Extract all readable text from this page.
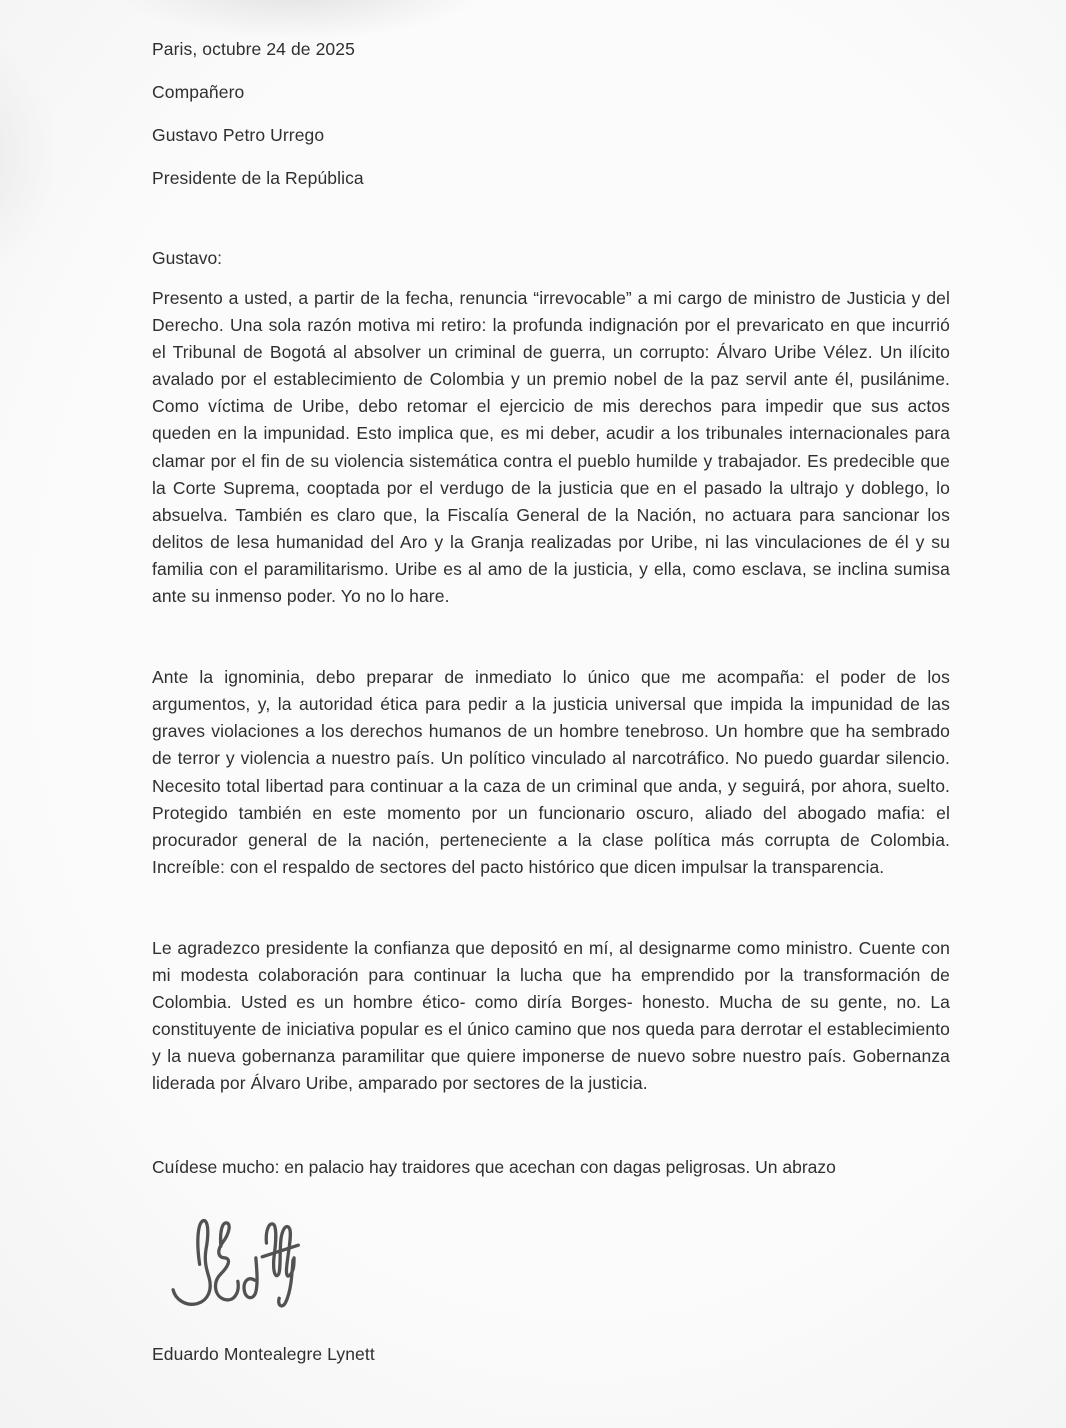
Paris, octubre 24 de 2025
Compañero
Gustavo Petro Urrego
Presidente de la República
Gustavo:

Presento a usted, a partir de la fecha, renuncia “irrevocable” a mi cargo de ministro de Justicia y del Derecho. Una sola razón motiva mi retiro: la profunda indignación por el prevaricato en que incurrió el Tribunal de Bogotá al absolver un criminal de guerra, un corrupto: Álvaro Uribe Vélez. Un ilícito avalado por el establecimiento de Colombia y un premio nobel de la paz servil ante él, pusilánime. Como víctima de Uribe, debo retomar el ejercicio de mis derechos para impedir que sus actos queden en la impunidad. Esto implica que, es mi deber, acudir a los tribunales internacionales para clamar por el fin de su violencia sistemática contra el pueblo humilde y trabajador. Es predecible que la Corte Suprema, cooptada por el verdugo de la justicia que en el pasado la ultrajo y doblego, lo absuelva. También es claro que, la Fiscalía General de la Nación, no actuara para sancionar los delitos de lesa humanidad del Aro y la Granja realizadas por Uribe, ni las vinculaciones de él y su familia con el paramilitarismo. Uribe es al amo de la justicia, y ella, como esclava, se inclina sumisa ante su inmenso poder. Yo no lo hare.

Ante la ignominia, debo preparar de inmediato lo único que me acompaña: el poder de los argumentos, y, la autoridad ética para pedir a la justicia universal que impida la impunidad de las graves violaciones a los derechos humanos de un hombre tenebroso. Un hombre que ha sembrado de terror y violencia a nuestro país. Un político vinculado al narcotráfico. No puedo guardar silencio. Necesito total libertad para continuar a la caza de un criminal que anda, y seguirá, por ahora, suelto. Protegido también en este momento por un funcionario oscuro, aliado del abogado mafia: el procurador general de la nación, perteneciente a la clase política más corrupta de Colombia. Increíble: con el respaldo de sectores del pacto histórico que dicen impulsar la transparencia.

Le agradezco presidente la confianza que depositó en mí, al designarme como ministro. Cuente con mi modesta colaboración para continuar la lucha que ha emprendido por la transformación de Colombia. Usted es un hombre ético- como diría Borges- honesto. Mucha de su gente, no. La constituyente de iniciativa popular es el único camino que nos queda para derrotar el establecimiento y la nueva gobernanza paramilitar que quiere imponerse de nuevo sobre nuestro país. Gobernanza liderada por Álvaro Uribe, amparado por sectores de la justicia.

Cuídese mucho: en palacio hay traidores que acechan con dagas peligrosas. Un abrazo
Eduardo Montealegre Lynett
